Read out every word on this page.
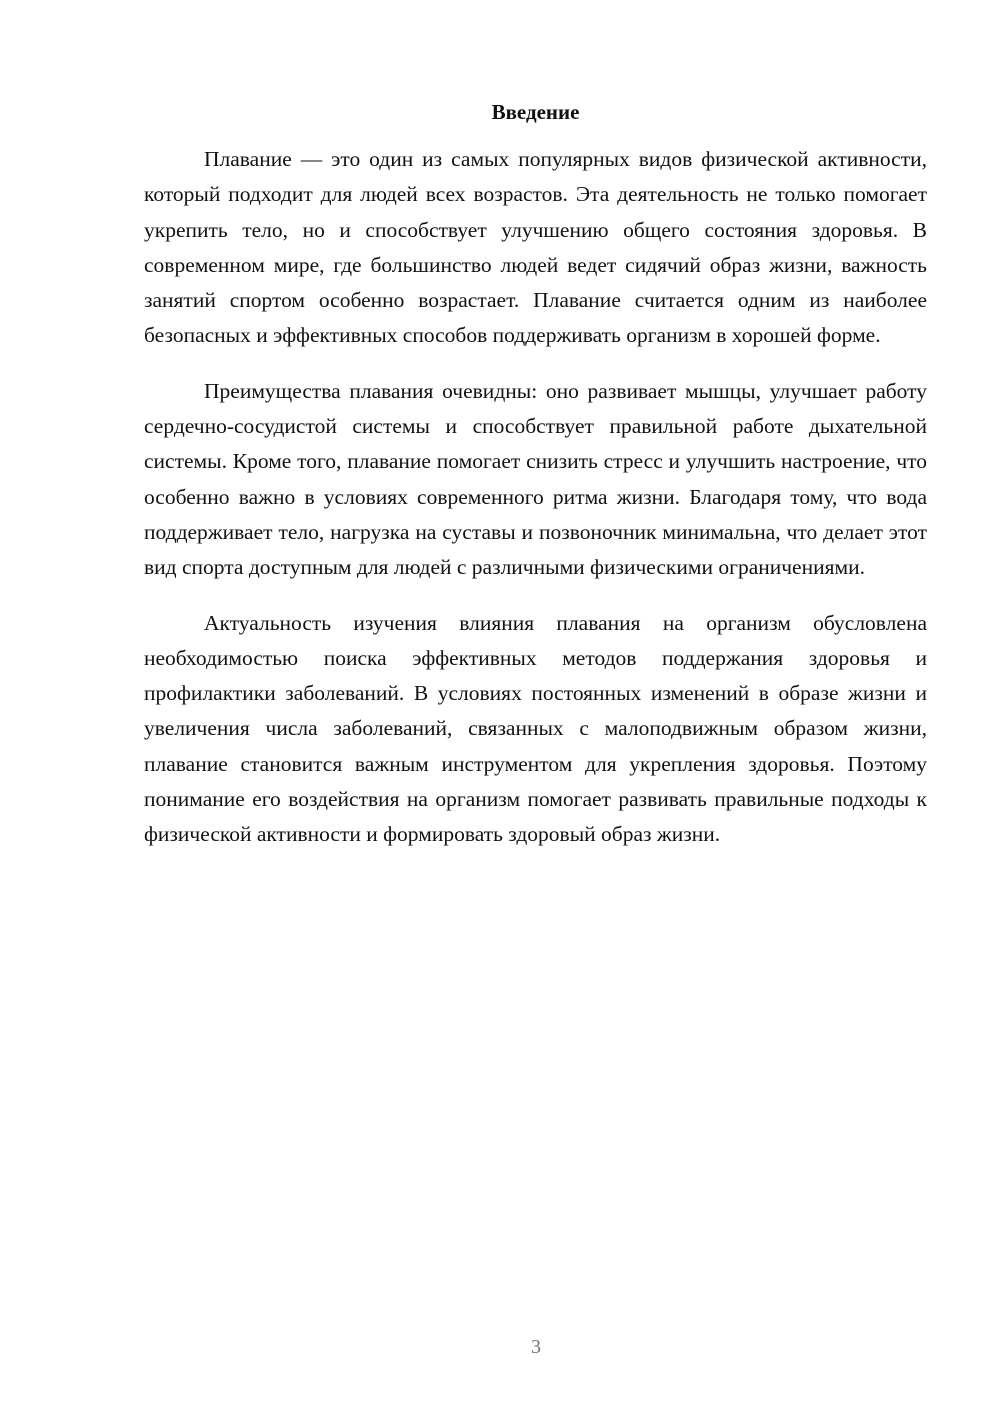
Введение

Плавание — это один из самых популярных видов физической активности, который подходит для людей всех возрастов. Эта деятельность не только помогает укрепить тело, но и способствует улучшению общего состояния здоровья. В современном мире, где большинство людей ведет сидячий образ жизни, важность занятий спортом особенно возрастает. Плавание считается одним из наиболее безопасных и эффективных способов поддерживать организм в хорошей форме.

Преимущества плавания очевидны: оно развивает мышцы, улучшает работу сердечно-сосудистой системы и способствует правильной работе дыхательной системы. Кроме того, плавание помогает снизить стресс и улучшить настроение, что особенно важно в условиях современного ритма жизни. Благодаря тому, что вода поддерживает тело, нагрузка на суставы и позвоночник минимальна, что делает этот вид спорта доступным для людей с различными физическими ограничениями.

Актуальность изучения влияния плавания на организм обусловлена необходимостью поиска эффективных методов поддержания здоровья и профилактики заболеваний. В условиях постоянных изменений в образе жизни и увеличения числа заболеваний, связанных с малоподвижным образом жизни, плавание становится важным инструментом для укрепления здоровья. Поэтому понимание его воздействия на организм помогает развивать правильные подходы к физической активности и формировать здоровый образ жизни.

3
